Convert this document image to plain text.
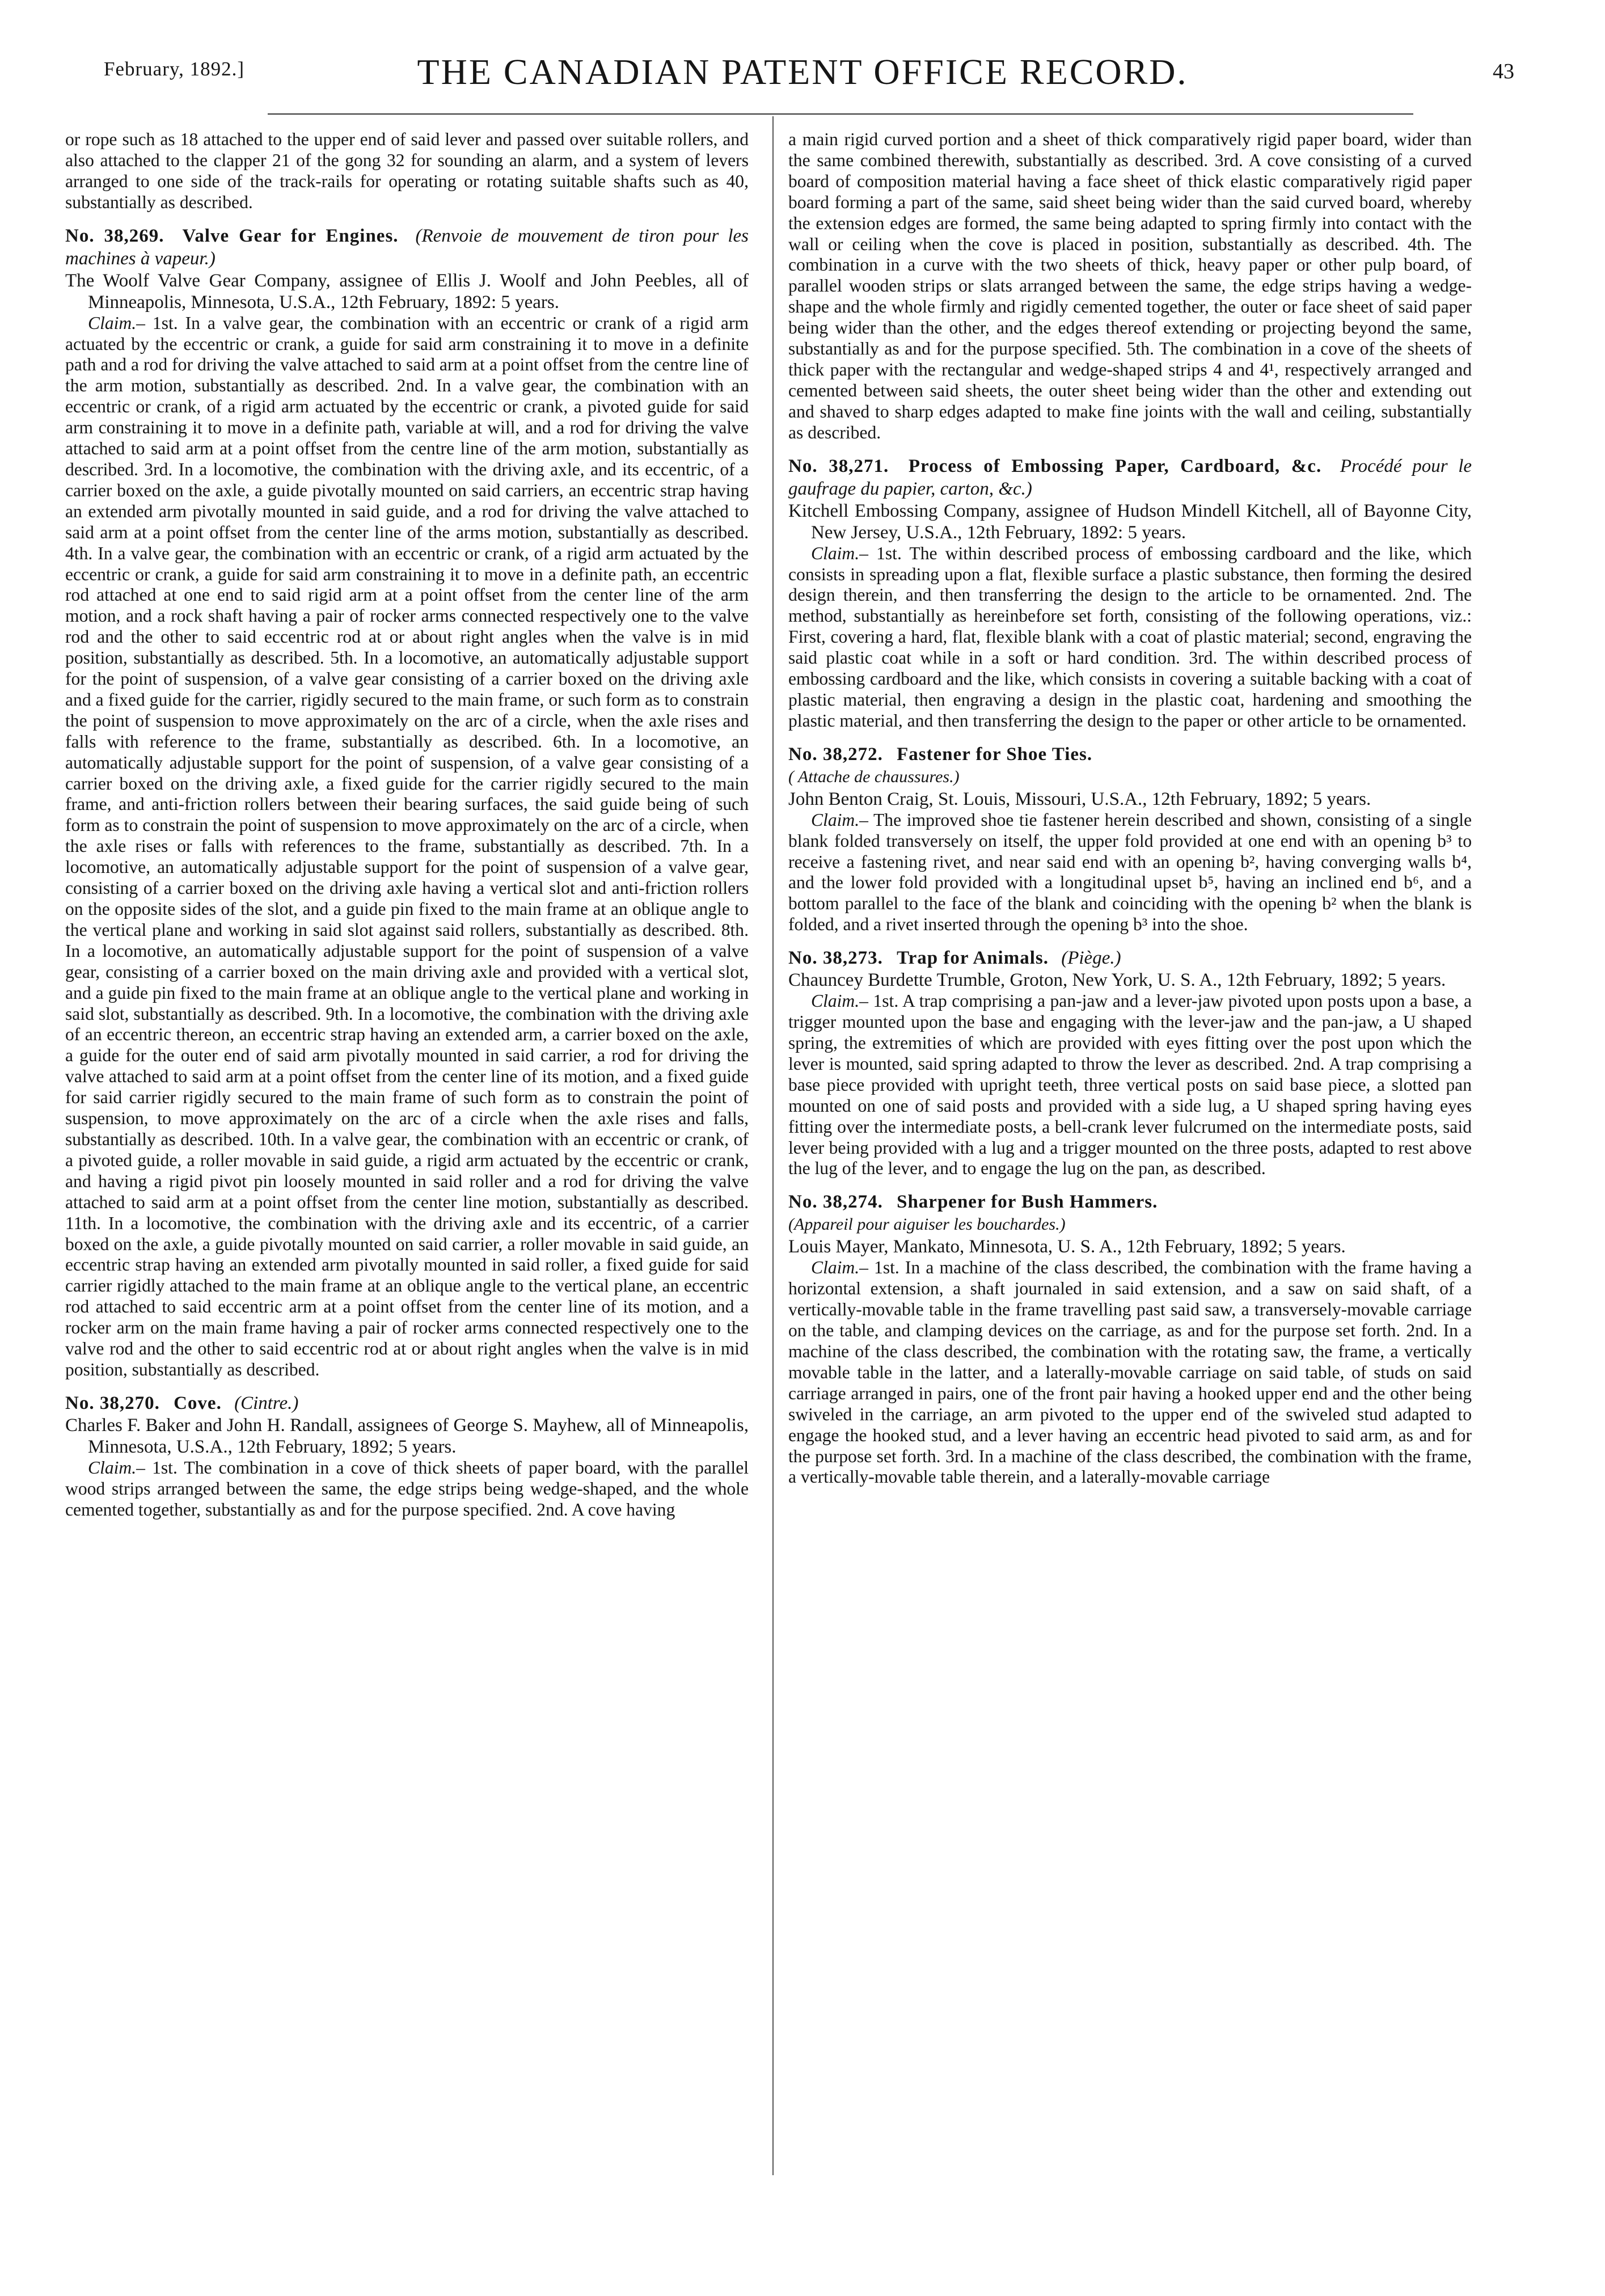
February, 1892.]	THE CANADIAN PATENT OFFICE RECORD.	43

or rope such as 18 attached to the upper end of said lever and passed over suitable rollers, and also attached to the clapper 21 of the gong 32 for sounding an alarm, and a system of levers arranged to one side of the track-rails for operating or rotating suitable shafts such as 40, substantially as described.

No. 38,269. Valve Gear for Engines. (Renvoie de mouvement de tiron pour les machines à vapeur.)

The Woolf Valve Gear Company, assignee of Ellis J. Woolf and John Peebles, all of Minneapolis, Minnesota, U.S.A., 12th February, 1892: 5 years.

Claim.– 1st. In a valve gear, the combination with an eccentric or crank of a rigid arm actuated by the eccentric or crank, a guide for said arm constraining it to move in a definite path and a rod for driving the valve attached to said arm at a point offset from the centre line of the arm motion, substantially as described. 2nd. In a valve gear, the combination with an eccentric or crank, of a rigid arm actuated by the eccentric or crank, a pivoted guide for said arm constraining it to move in a definite path, variable at will, and a rod for driving the valve attached to said arm at a point offset from the centre line of the arm motion, substantially as described. 3rd. In a locomotive, the combination with the driving axle, and its eccentric, of a carrier boxed on the axle, a guide pivotally mounted on said carriers, an eccentric strap having an extended arm pivotally mounted in said guide, and a rod for driving the valve attached to said arm at a point offset from the center line of the arms motion, substantially as described. 4th. In a valve gear, the combination with an eccentric or crank, of a rigid arm actuated by the eccentric or crank, a guide for said arm constraining it to move in a definite path, an eccentric rod attached at one end to said rigid arm at a point offset from the center line of the arm motion, and a rock shaft having a pair of rocker arms connected respectively one to the valve rod and the other to said eccentric rod at or about right angles when the valve is in mid position, substantially as described. 5th. In a locomotive, an automatically adjustable support for the point of suspension, of a valve gear consisting of a carrier boxed on the driving axle and a fixed guide for the carrier, rigidly secured to the main frame, or such form as to constrain the point of suspension to move approximately on the arc of a circle, when the axle rises and falls with reference to the frame, substantially as described. 6th. In a locomotive, an automatically adjustable support for the point of suspension, of a valve gear consisting of a carrier boxed on the driving axle, a fixed guide for the carrier rigidly secured to the main frame, and anti-friction rollers between their bearing surfaces, the said guide being of such form as to constrain the point of suspension to move approximately on the arc of a circle, when the axle rises or falls with references to the frame, substantially as described. 7th. In a locomotive, an automatically adjustable support for the point of suspension of a valve gear, consisting of a carrier boxed on the driving axle having a vertical slot and anti-friction rollers on the opposite sides of the slot, and a guide pin fixed to the main frame at an oblique angle to the vertical plane and working in said slot against said rollers, substantially as described. 8th. In a locomotive, an automatically adjustable support for the point of suspension of a valve gear, consisting of a carrier boxed on the main driving axle and provided with a vertical slot, and a guide pin fixed to the main frame at an oblique angle to the vertical plane and working in said slot, substantially as described. 9th. In a locomotive, the combination with the driving axle of an eccentric thereon, an eccentric strap having an extended arm, a carrier boxed on the axle, a guide for the outer end of said arm pivotally mounted in said carrier, a rod for driving the valve attached to said arm at a point offset from the center line of its motion, and a fixed guide for said carrier rigidly secured to the main frame of such form as to constrain the point of suspension, to move approximately on the arc of a circle when the axle rises and falls, substantially as described. 10th. In a valve gear, the combination with an eccentric or crank, of a pivoted guide, a roller movable in said guide, a rigid arm actuated by the eccentric or crank, and having a rigid pivot pin loosely mounted in said roller and a rod for driving the valve attached to said arm at a point offset from the center line motion, substantially as described. 11th. In a locomotive, the combination with the driving axle and its eccentric, of a carrier boxed on the axle, a guide pivotally mounted on said carrier, a roller movable in said guide, an eccentric strap having an extended arm pivotally mounted in said roller, a fixed guide for said carrier rigidly attached to the main frame at an oblique angle to the vertical plane, an eccentric rod attached to said eccentric arm at a point offset from the center line of its motion, and a rocker arm on the main frame having a pair of rocker arms connected respectively one to the valve rod and the other to said eccentric rod at or about right angles when the valve is in mid position, substantially as described.

No. 38,270. Cove. (Cintre.)

Charles F. Baker and John H. Randall, assignees of George S. Mayhew, all of Minneapolis, Minnesota, U.S.A., 12th February, 1892; 5 years.

Claim.– 1st. The combination in a cove of thick sheets of paper board, with the parallel wood strips arranged between the same, the edge strips being wedge-shaped, and the whole cemented together, substantially as and for the purpose specified. 2nd. A cove having

a main rigid curved portion and a sheet of thick comparatively rigid paper board, wider than the same combined therewith, substantially as described. 3rd. A cove consisting of a curved board of composition material having a face sheet of thick elastic comparatively rigid paper board forming a part of the same, said sheet being wider than the said curved board, whereby the extension edges are formed, the same being adapted to spring firmly into contact with the wall or ceiling when the cove is placed in position, substantially as described. 4th. The combination in a curve with the two sheets of thick, heavy paper or other pulp board, of parallel wooden strips or slats arranged between the same, the edge strips having a wedge-shape and the whole firmly and rigidly cemented together, the outer or face sheet of said paper being wider than the other, and the edges thereof extending or projecting beyond the same, substantially as and for the purpose specified. 5th. The combination in a cove of the sheets of thick paper with the rectangular and wedge-shaped strips 4 and 4¹, respectively arranged and cemented between said sheets, the outer sheet being wider than the other and extending out and shaved to sharp edges adapted to make fine joints with the wall and ceiling, substantially as described.

No. 38,271. Process of Embossing Paper, Cardboard, &c. Procédé pour le gaufrage du papier, carton, &c.)

Kitchell Embossing Company, assignee of Hudson Mindell Kitchell, all of Bayonne City, New Jersey, U.S.A., 12th February, 1892: 5 years.

Claim.– 1st. The within described process of embossing cardboard and the like, which consists in spreading upon a flat, flexible surface a plastic substance, then forming the desired design therein, and then transferring the design to the article to be ornamented. 2nd. The method, substantially as hereinbefore set forth, consisting of the following operations, viz.: First, covering a hard, flat, flexible blank with a coat of plastic material; second, engraving the said plastic coat while in a soft or hard condition. 3rd. The within described process of embossing cardboard and the like, which consists in covering a suitable backing with a coat of plastic material, then engraving a design in the plastic coat, hardening and smoothing the plastic material, and then transferring the design to the paper or other article to be ornamented.

No. 38,272. Fastener for Shoe Ties.

( Attache de chaussures.)

John Benton Craig, St. Louis, Missouri, U.S.A., 12th February, 1892; 5 years.

Claim.– The improved shoe tie fastener herein described and shown, consisting of a single blank folded transversely on itself, the upper fold provided at one end with an opening b³ to receive a fastening rivet, and near said end with an opening b², having converging walls b⁴, and the lower fold provided with a longitudinal upset b⁵, having an inclined end b⁶, and a bottom parallel to the face of the blank and coinciding with the opening b² when the blank is folded, and a rivet inserted through the opening b³ into the shoe.

No. 38,273. Trap for Animals. (Piège.)

Chauncey Burdette Trumble, Groton, New York, U. S. A., 12th February, 1892; 5 years.

Claim.– 1st. A trap comprising a pan-jaw and a lever-jaw pivoted upon posts upon a base, a trigger mounted upon the base and engaging with the lever-jaw and the pan-jaw, a U shaped spring, the extremities of which are provided with eyes fitting over the post upon which the lever is mounted, said spring adapted to throw the lever as described. 2nd. A trap comprising a base piece provided with upright teeth, three vertical posts on said base piece, a slotted pan mounted on one of said posts and provided with a side lug, a U shaped spring having eyes fitting over the intermediate posts, a bell-crank lever fulcrumed on the intermediate posts, said lever being provided with a lug and a trigger mounted on the three posts, adapted to rest above the lug of the lever, and to engage the lug on the pan, as described.

No. 38,274. Sharpener for Bush Hammers.

(Appareil pour aiguiser les bouchardes.)

Louis Mayer, Mankato, Minnesota, U. S. A., 12th February, 1892; 5 years.

Claim.– 1st. In a machine of the class described, the combination with the frame having a horizontal extension, a shaft journaled in said extension, and a saw on said shaft, of a vertically-movable table in the frame travelling past said saw, a transversely-movable carriage on the table, and clamping devices on the carriage, as and for the purpose set forth. 2nd. In a machine of the class described, the combination with the rotating saw, the frame, a vertically movable table in the latter, and a laterally-movable carriage on said table, of studs on said carriage arranged in pairs, one of the front pair having a hooked upper end and the other being swiveled in the carriage, an arm pivoted to the upper end of the swiveled stud adapted to engage the hooked stud, and a lever having an eccentric head pivoted to said arm, as and for the purpose set forth. 3rd. In a machine of the class described, the combination with the frame, a vertically-movable table therein, and a laterally-movable carriage
